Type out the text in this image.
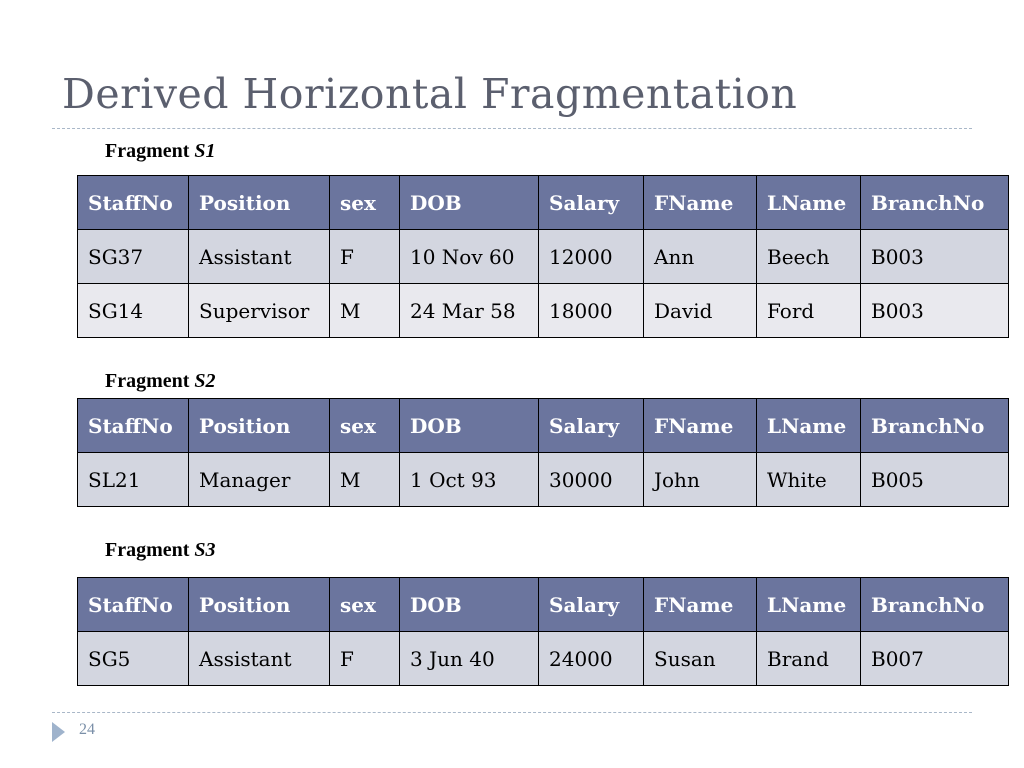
Derived Horizontal Fragmentation
Fragment S1
StaffNo	Position	sex	DOB	Salary	FName	LName	BranchNo
SG37	Assistant	F	10 Nov 60	12000	Ann	Beech	B003
SG14	Supervisor	M	24 Mar 58	18000	David	Ford	B003
Fragment S2
StaffNo	Position	sex	DOB	Salary	FName	LName	BranchNo
SL21	Manager	M	1 Oct 93	30000	John	White	B005
Fragment S3
StaffNo	Position	sex	DOB	Salary	FName	LName	BranchNo
SG5	Assistant	F	3 Jun 40	24000	Susan	Brand	B007
24
